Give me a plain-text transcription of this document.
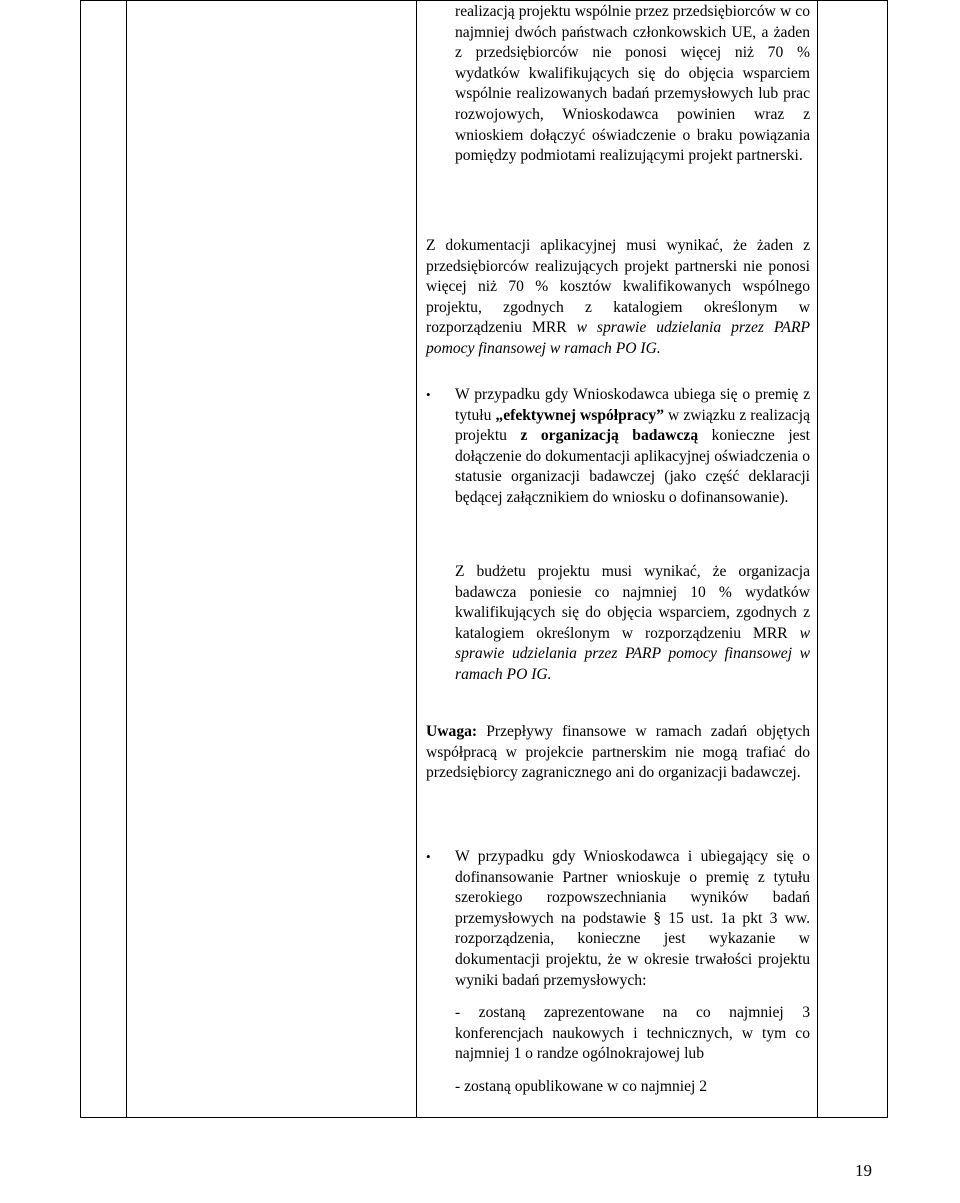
realizacją projektu wspólnie przez przedsiębiorców w co najmniej dwóch państwach członkowskich UE, a żaden z przedsiębiorców nie ponosi więcej niż 70 % wydatków kwalifikujących się do objęcia wsparciem wspólnie realizowanych badań przemysłowych lub prac rozwojowych, Wnioskodawca powinien wraz z wnioskiem dołączyć oświadczenie o braku powiązania pomiędzy podmiotami realizującymi projekt partnerski.

Z dokumentacji aplikacyjnej musi wynikać, że żaden z przedsiębiorców realizujących projekt partnerski nie ponosi więcej niż 70 % kosztów kwalifikowanych wspólnego projektu, zgodnych z katalogiem określonym w rozporządzeniu MRR w sprawie udzielania przez PARP pomocy finansowej w ramach PO IG.

• W przypadku gdy Wnioskodawca ubiega się o premię z tytułu „efektywnej współpracy” w związku z realizacją projektu z organizacją badawczą konieczne jest dołączenie do dokumentacji aplikacyjnej oświadczenia o statusie organizacji badawczej (jako część deklaracji będącej załącznikiem do wniosku o dofinansowanie).

Z budżetu projektu musi wynikać, że organizacja badawcza poniesie co najmniej 10 % wydatków kwalifikujących się do objęcia wsparciem, zgodnych z katalogiem określonym w rozporządzeniu MRR w sprawie udzielania przez PARP pomocy finansowej w ramach PO IG.

Uwaga: Przepływy finansowe w ramach zadań objętych współpracą w projekcie partnerskim nie mogą trafiać do przedsiębiorcy zagranicznego ani do organizacji badawczej.

• W przypadku gdy Wnioskodawca i ubiegający się o dofinansowanie Partner wnioskuje o premię z tytułu szerokiego rozpowszechniania wyników badań przemysłowych na podstawie § 15 ust. 1a pkt 3 ww. rozporządzenia, konieczne jest wykazanie w dokumentacji projektu, że w okresie trwałości projektu wyniki badań przemysłowych:

- zostaną zaprezentowane na co najmniej 3 konferencjach naukowych i technicznych, w tym co najmniej 1 o randze ogólnokrajowej lub

- zostaną opublikowane w co najmniej 2

19
